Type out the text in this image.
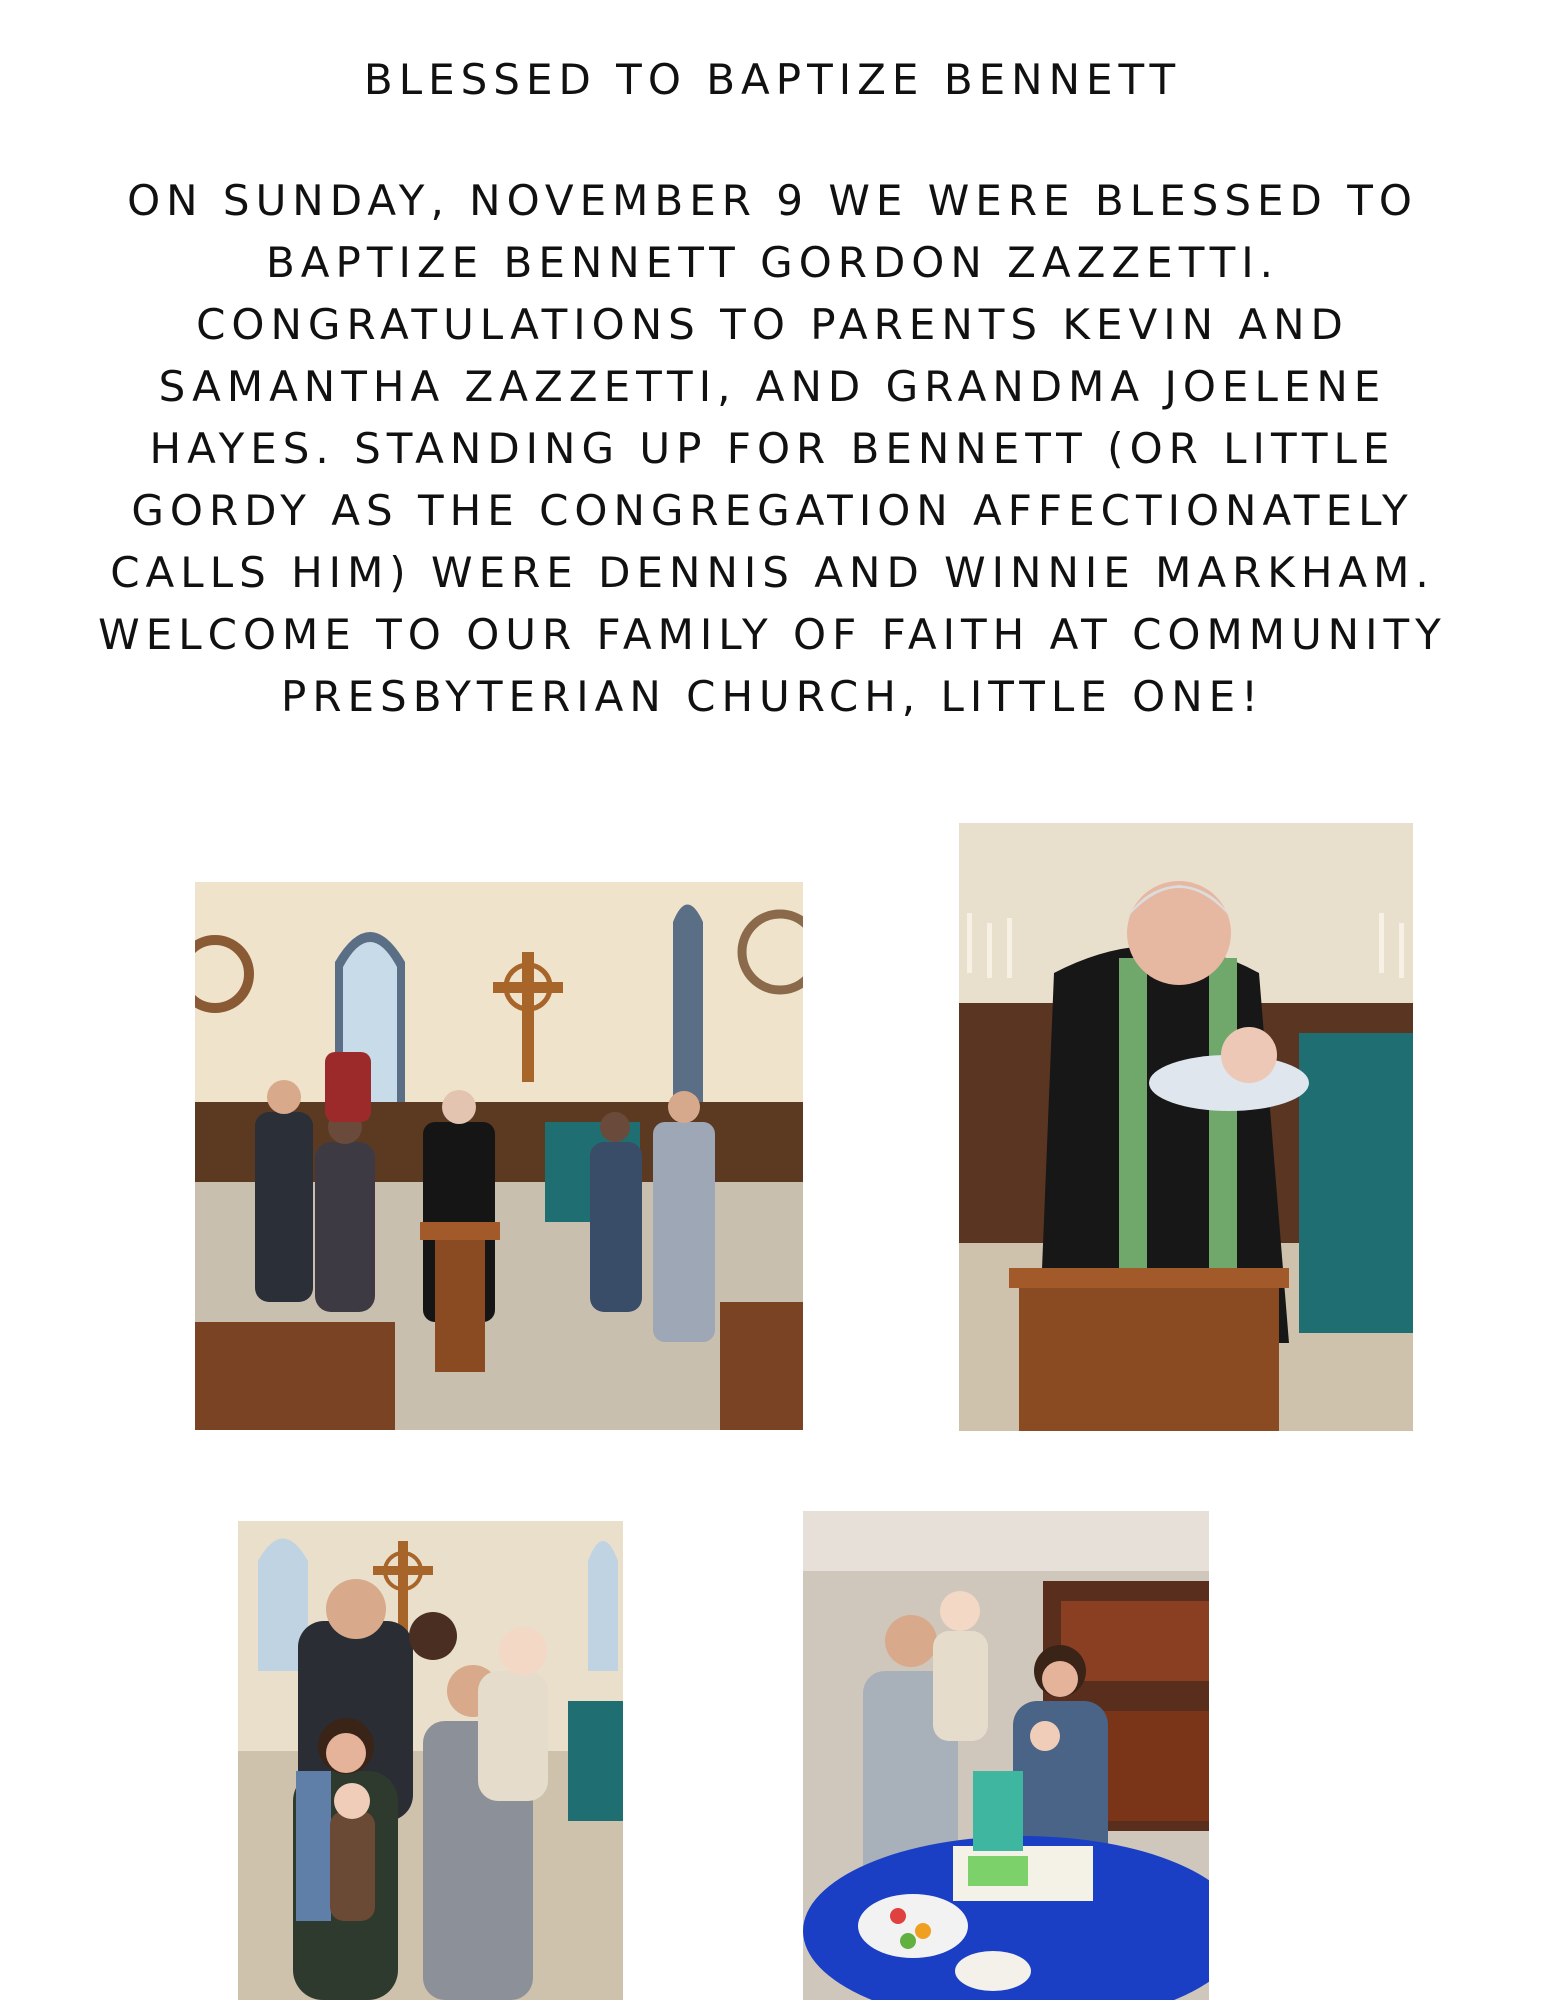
BLESSED TO BAPTIZE BENNETT

ON SUNDAY, NOVEMBER 9 WE WERE BLESSED TO BAPTIZE BENNETT GORDON ZAZZETTI. CONGRATULATIONS TO PARENTS KEVIN AND SAMANTHA ZAZZETTI, AND GRANDMA JOELENE HAYES. STANDING UP FOR BENNETT (OR LITTLE GORDY AS THE CONGREGATION AFFECTIONATELY CALLS HIM) WERE DENNIS AND WINNIE MARKHAM. WELCOME TO OUR FAMILY OF FAITH AT COMMUNITY PRESBYTERIAN CHURCH, LITTLE ONE!
